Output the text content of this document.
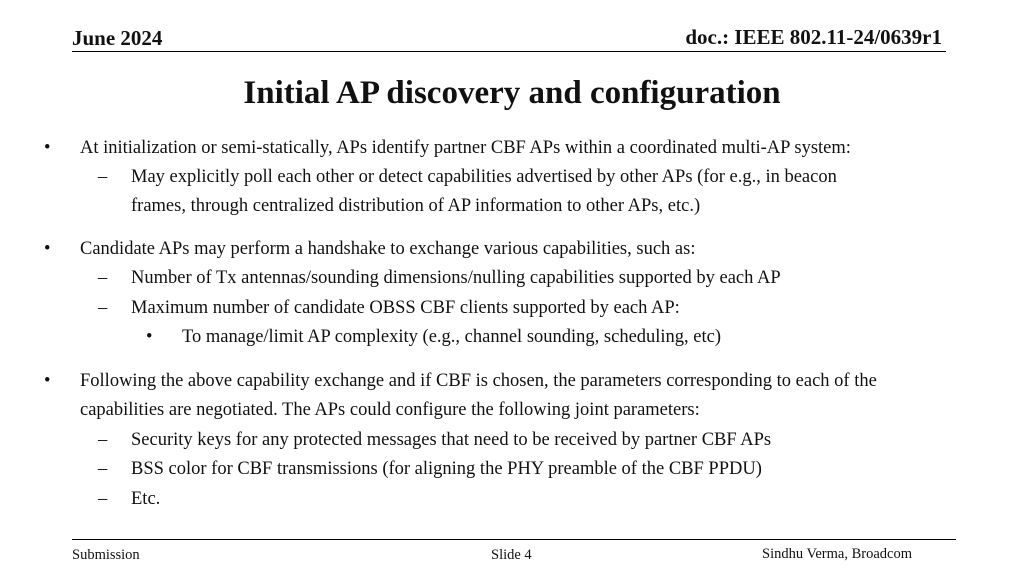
June 2024	doc.: IEEE 802.11-24/0639r1
Initial AP discovery and configuration
• At initialization or semi-statically, APs identify partner CBF APs within a coordinated multi-AP system:
– May explicitly poll each other or detect capabilities advertised by other APs (for e.g., in beacon
frames, through centralized distribution of AP information to other APs, etc.)
• Candidate APs may perform a handshake to exchange various capabilities, such as:
– Number of Tx antennas/sounding dimensions/nulling capabilities supported by each AP
– Maximum number of candidate OBSS CBF clients supported by each AP:
• To manage/limit AP complexity (e.g., channel sounding, scheduling, etc)
• Following the above capability exchange and if CBF is chosen, the parameters corresponding to each of the
capabilities are negotiated. The APs could configure the following joint parameters:
– Security keys for any protected messages that need to be received by partner CBF APs
– BSS color for CBF transmissions (for aligning the PHY preamble of the CBF PPDU)
– Etc.
Submission	Slide 4	Sindhu Verma, Broadcom
